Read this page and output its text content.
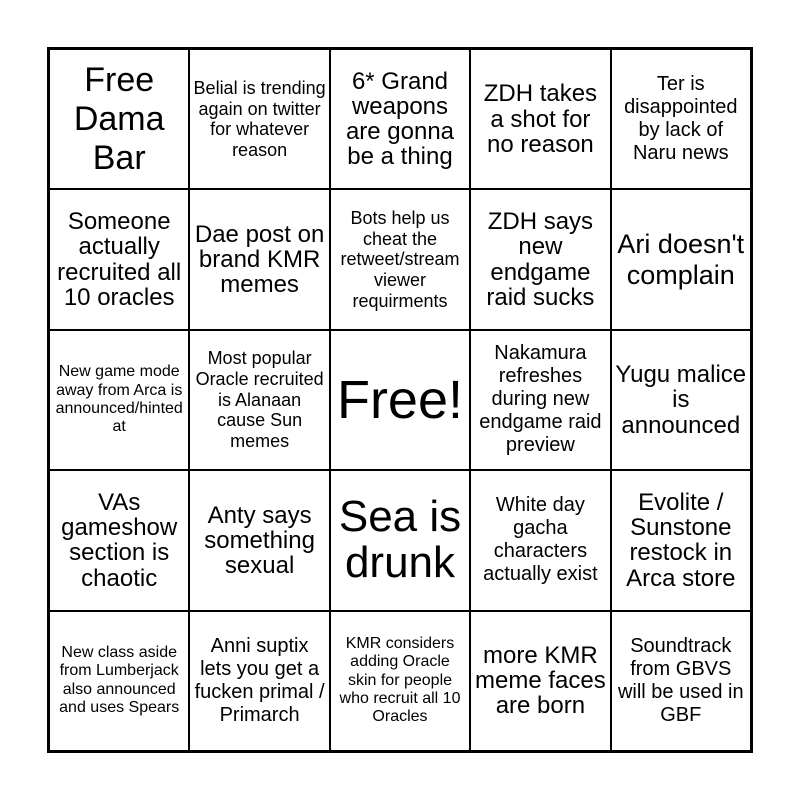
Free Dama Bar
Belial is trending again on twitter for whatever reason
6* Grand weapons are gonna be a thing
ZDH takes a shot for no reason
Ter is disappointed by lack of Naru news
Someone actually recruited all 10 oracles
Dae post on brand KMR memes
Bots help us cheat the retweet/stream viewer requirments
ZDH says new endgame raid sucks
Ari doesn't complain
New game mode away from Arca is announced/hinted at
Most popular Oracle recruited is Alanaan cause Sun memes
Free!
Nakamura refreshes during new endgame raid preview
Yugu malice is announced
VAs gameshow section is chaotic
Anty says something sexual
Sea is drunk
White day gacha characters actually exist
Evolite / Sunstone restock in Arca store
New class aside from Lumberjack also announced and uses Spears
Anni suptix lets you get a fucken primal / Primarch
KMR considers adding Oracle skin for people who recruit all 10 Oracles
more KMR meme faces are born
Soundtrack from GBVS will be used in GBF
